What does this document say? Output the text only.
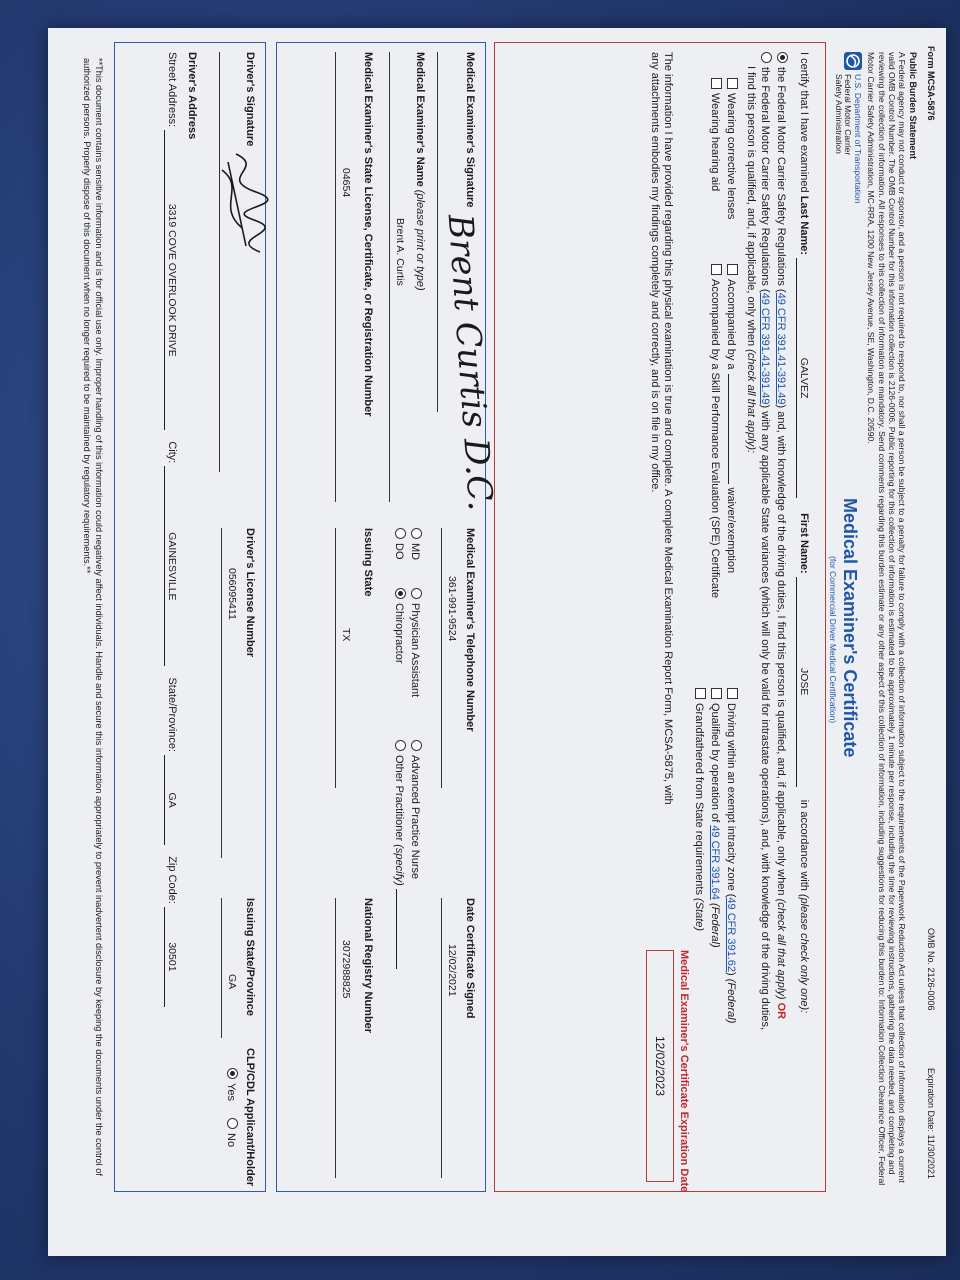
Form MCSA-5876
OMB No. 2126-0006
Expiration Date: 11/30/2021
Public Burden Statement
A Federal agency may not conduct or sponsor, and a person is not required to respond to, nor shall a person be subject to a penalty for failure to comply with a collection of information subject to the requirements of the Paperwork Reduction Act unless that collection of information displays a current valid OMB Control Number. The OMB Control Number for this information collection is 2126-0006. Public reporting for this collection of information is estimated to be approximately 1 minute per response, including the time for reviewing instructions, gathering the data needed, and completing and reviewing the collection of information. All responses to this collection of information are mandatory. Send comments regarding this burden estimate or any other aspect of this collection of information, including suggestions for reducing this burden to: Information Collection Clearance Officer, Federal Motor Carrier Safety Administration, MC-RRA, 1200 New Jersey Avenue, SE, Washington, D.C. 20590.
U.S. Department of Transportation
Federal Motor Carrier
Safety Administration
Medical Examiner's Certificate
(for Commercial Driver Medical Certification)
I certify that I have examined Last Name: GALVEZ First Name: JOSE in accordance with (please check only one):
the Federal Motor Carrier Safety Regulations (49 CFR 391.41-391.49) and, with knowledge of the driving duties, I find this person is qualified, and, if applicable, only when (check all that apply) OR
the Federal Motor Carrier Safety Regulations (49 CFR 391.41-391.49) with any applicable State variances (which will only be valid for intrastate operations), and, with knowledge of the driving duties,
I find this person is qualified, and, if applicable, only when (check all that apply):
Wearing corrective lenses
Wearing hearing aid
Accompanied by awaiver/exemption
Accompanied by a Skill Performance Evaluation (SPE) Certificate
Driving within an exempt intracity zone (49 CFR 391.62) (Federal)
Qualified by operation of 49 CFR 391.64 (Federal)
Grandfathered from State requirements (State)
Medical Examiner's Certificate Expiration Date
12/02/2023
The information I have provided regarding this physical examination is true and complete. A complete Medical Examination Report Form, MCSA-5875, with any attachments embodies my findings completely and correctly, and is on file in my office.
Medical Examiner's Signature
Brent Curtis D.C.
Medical Examiner's Telephone Number
361-991-9524
Date Certificate Signed
12/02/2021
Medical Examiner's Name (please print or type)
Brent A. Curtis
MD
DO
Physician Assistant
Chiropractor
Advanced Practice Nurse
Other Practitioner (specify)
Medical Examiner's State License, Certificate, or Registration Number
04654
Issuing State
TX
National Registry Number
3072988825
Driver's Signature
Driver's License Number
056095411
Issuing State/Province
GA
CLP/CDL Applicant/Holder
Yes
No
Driver's Address
Street Address: 3319 COVE OVERLOOK DRIVE City: GAINESVILLE State/Province: GA Zip Code: 30501
**This document contains sensitive information and is for official use only. Improper handling of this information could negatively affect individuals. Handle and secure this information appropriately to prevent inadvertent disclosure by keeping the documents under the control of authorized persons. Properly dispose of this document when no longer required to be maintained by regulatory requirements.**
